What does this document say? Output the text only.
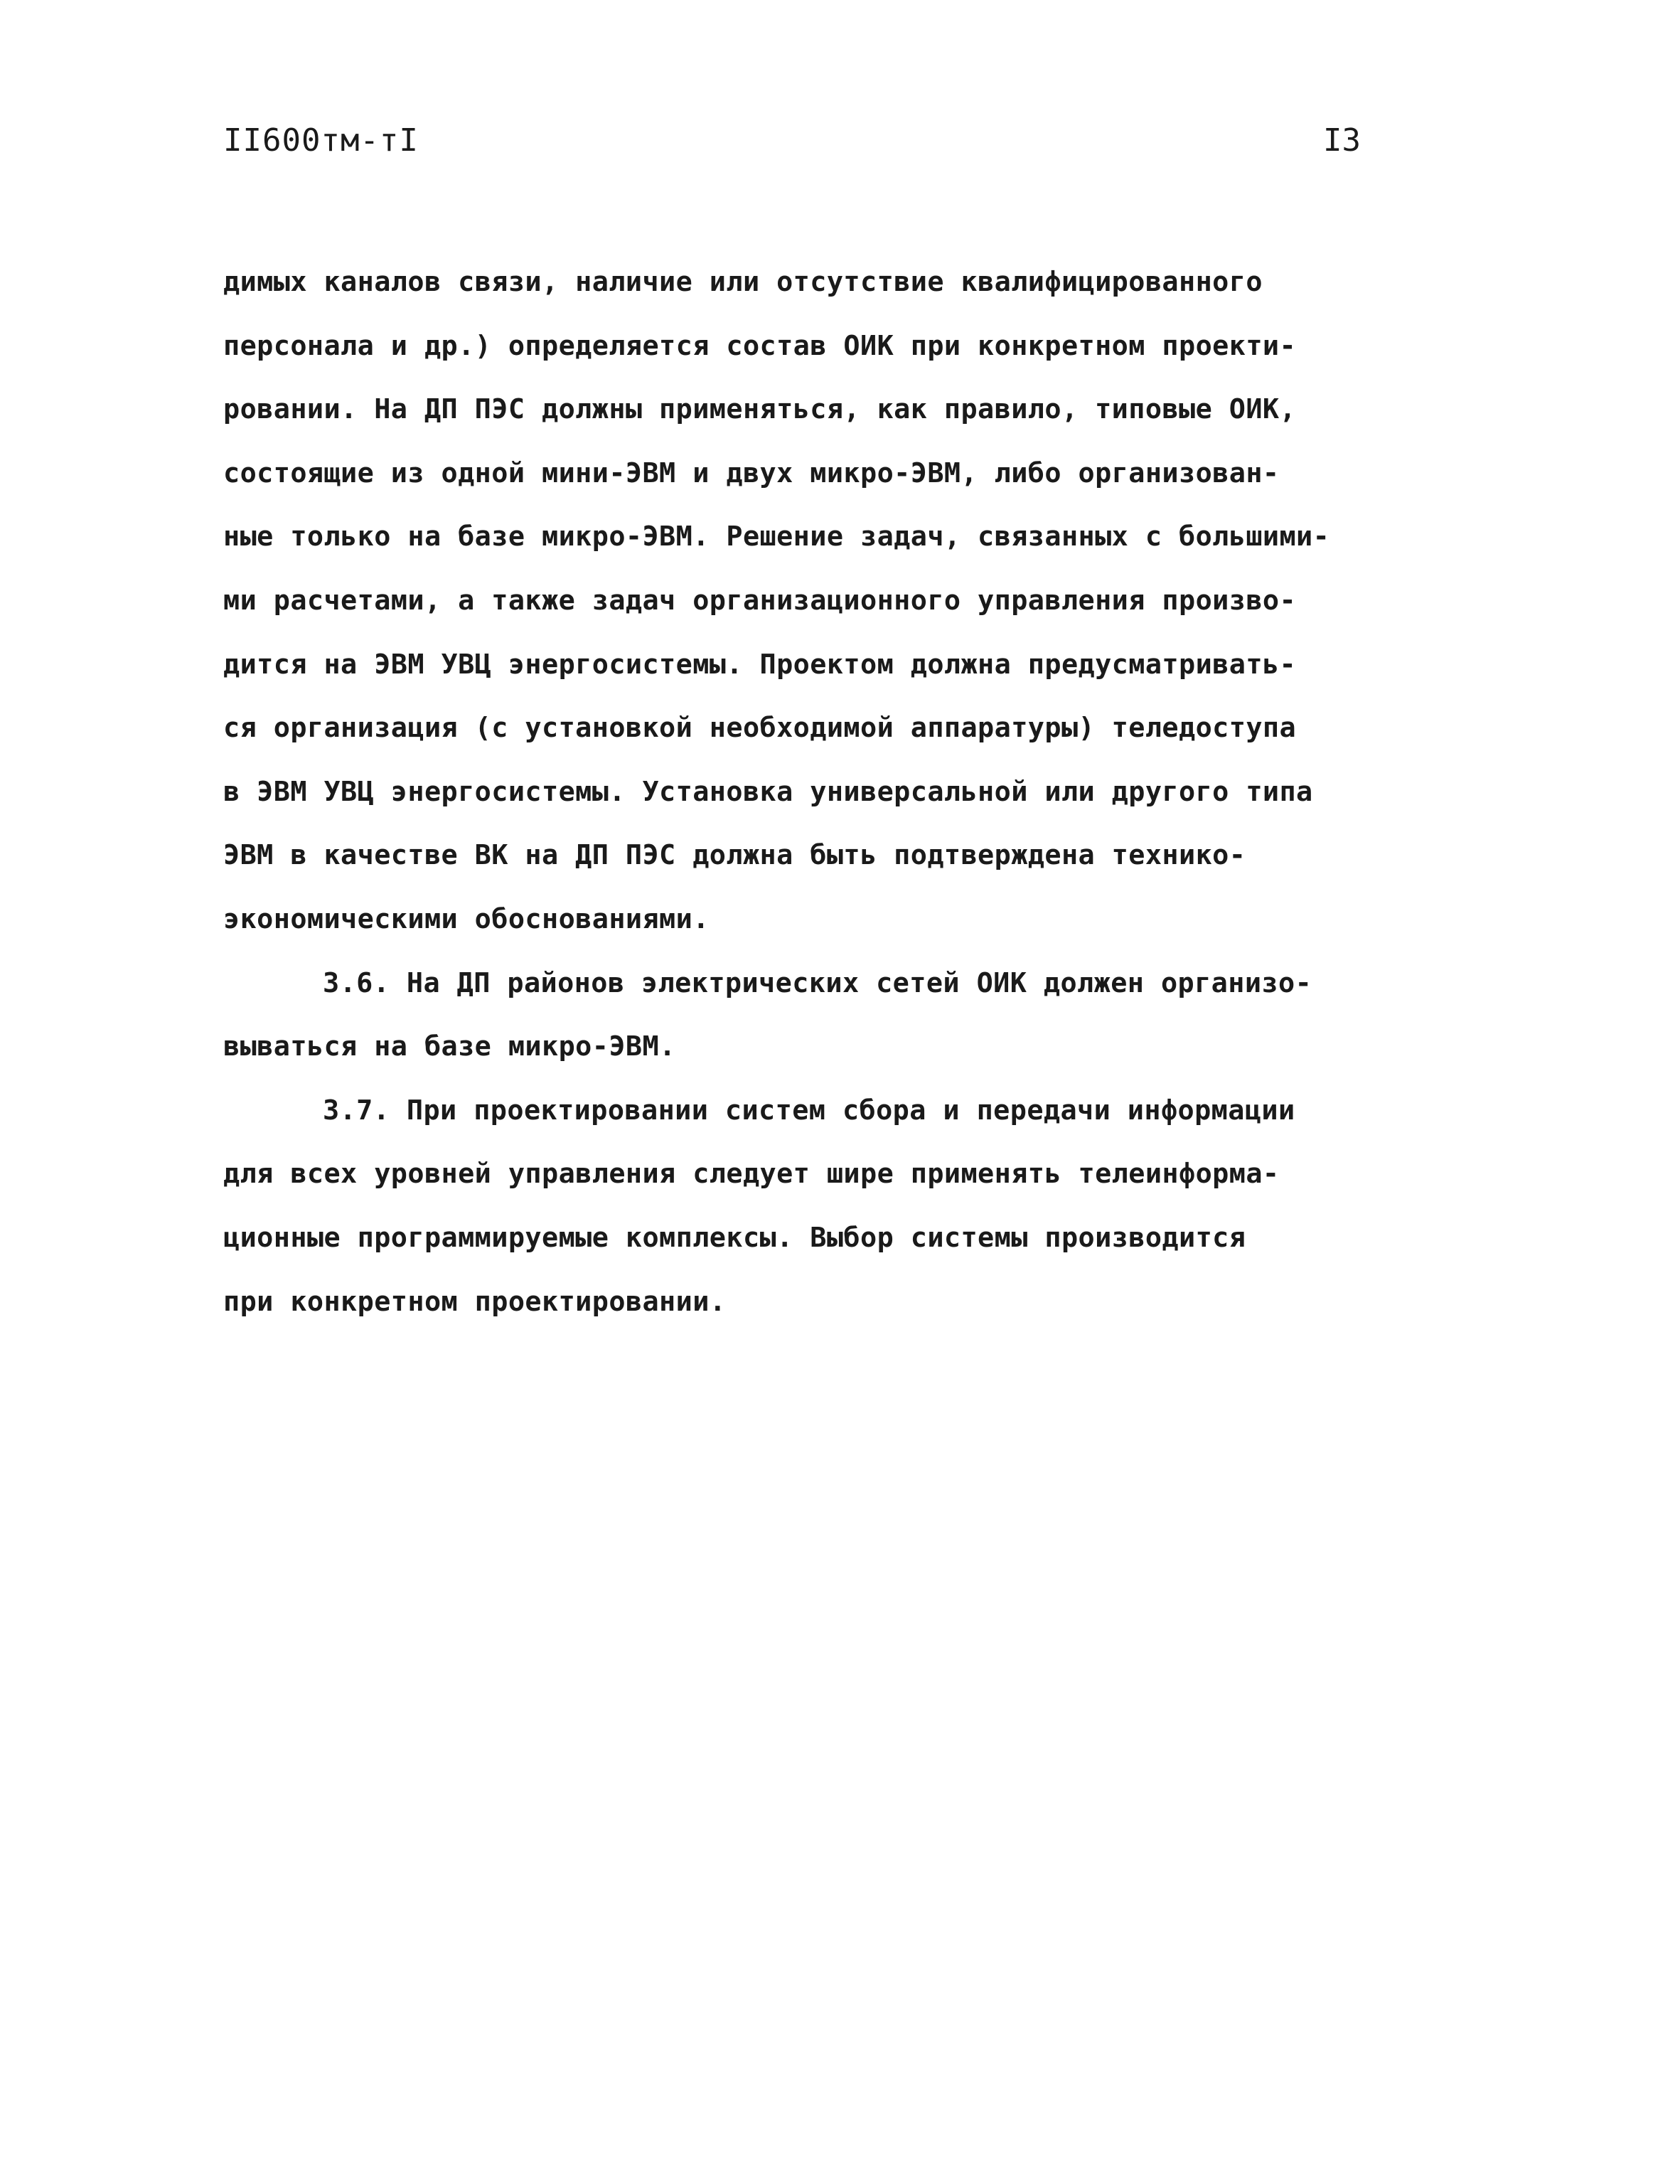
II600тм-тI	I3
димых каналов связи, наличие или отсутствие квалифицированного
персонала и др.) определяется состав ОИК при конкретном проекти-
ровании. На ДП ПЭС должны применяться, как правило, типовые ОИК,
состоящие из одной мини-ЭВМ и двух микро-ЭВМ, либо организован-
ные только на базе микро-ЭВМ. Решение задач, связанных с большими-
ми расчетами, а также задач организационного управления произво-
дится на ЭВМ УВЦ энергосистемы. Проектом должна предусматривать-
ся организация (с установкой необходимой аппаратуры) теледоступа
в ЭВМ УВЦ энергосистемы. Установка универсальной или другого типа
ЭВМ в качестве ВК на ДП ПЭС должна быть подтверждена технико-
экономическими обоснованиями.
3.6. На ДП районов электрических сетей ОИК должен организо-
вываться на базе микро-ЭВМ.
3.7. При проектировании систем сбора и передачи информации
для всех уровней управления следует шире применять телеинформа-
ционные программируемые комплексы. Выбор системы производится
при конкретном проектировании.
